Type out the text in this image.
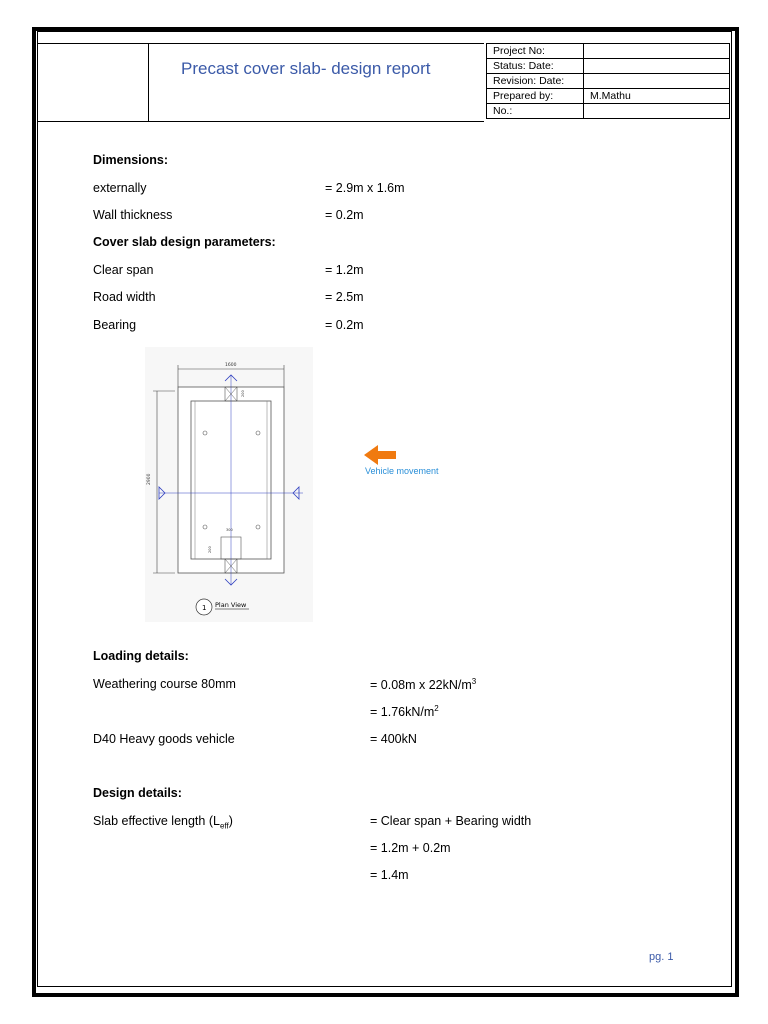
Precast cover slab- design report
Project No:	
Status: Date:	
Revision: Date:	
Prepared by:	M.Mathu
No.:	
Dimensions:
externally	= 2.9m x 1.6m
Wall thickness	= 0.2m
Cover slab design parameters:
Clear span	= 1.2m
Road width	= 2.5m
Bearing	= 0.2m
1600
2900
200
300
200
1 Plan View
Vehicle movement
Loading details:
Weathering course 80mm	= 0.08m x $22kN/m^3$
= $1.76kN/m^2$
D40 Heavy goods vehicle	= 400kN
Design details:
Slab effective length $(L_{eff})$	= Clear span + Bearing width
= 1.2m + 0.2m
= 1.4m
pg. 1
